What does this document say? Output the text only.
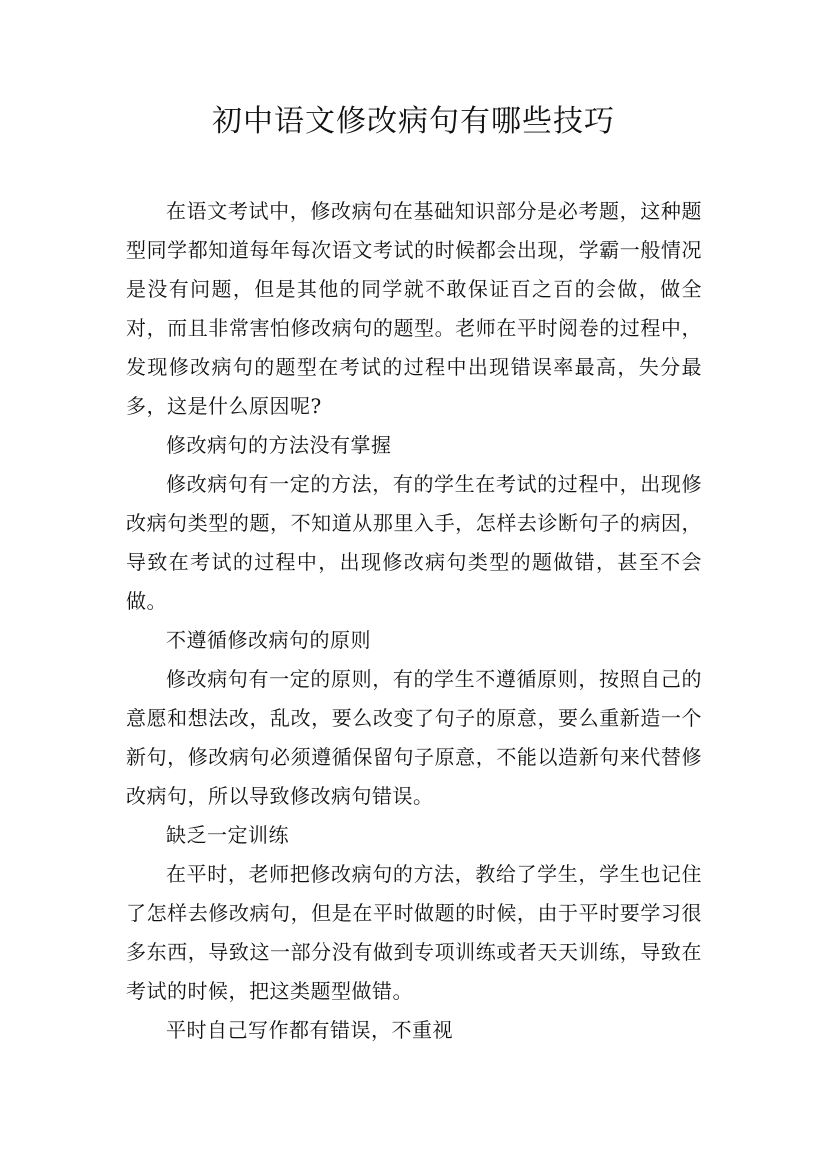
初中语文修改病句有哪些技巧

在语文考试中，修改病句在基础知识部分是必考题，这种题型同学都知道每年每次语文考试的时候都会出现，学霸一般情况是没有问题，但是其他的同学就不敢保证百之百的会做，做全对，而且非常害怕修改病句的题型。老师在平时阅卷的过程中，发现修改病句的题型在考试的过程中出现错误率最高，失分最多，这是什么原因呢?

修改病句的方法没有掌握

修改病句有一定的方法，有的学生在考试的过程中，出现修改病句类型的题，不知道从那里入手，怎样去诊断句子的病因，导致在考试的过程中，出现修改病句类型的题做错，甚至不会做。

不遵循修改病句的原则

修改病句有一定的原则，有的学生不遵循原则，按照自己的意愿和想法改，乱改，要么改变了句子的原意，要么重新造一个新句，修改病句必须遵循保留句子原意，不能以造新句来代替修改病句，所以导致修改病句错误。

缺乏一定训练

在平时，老师把修改病句的方法，教给了学生，学生也记住了怎样去修改病句，但是在平时做题的时候，由于平时要学习很多东西，导致这一部分没有做到专项训练或者天天训练，导致在考试的时候，把这类题型做错。

平时自己写作都有错误，不重视
